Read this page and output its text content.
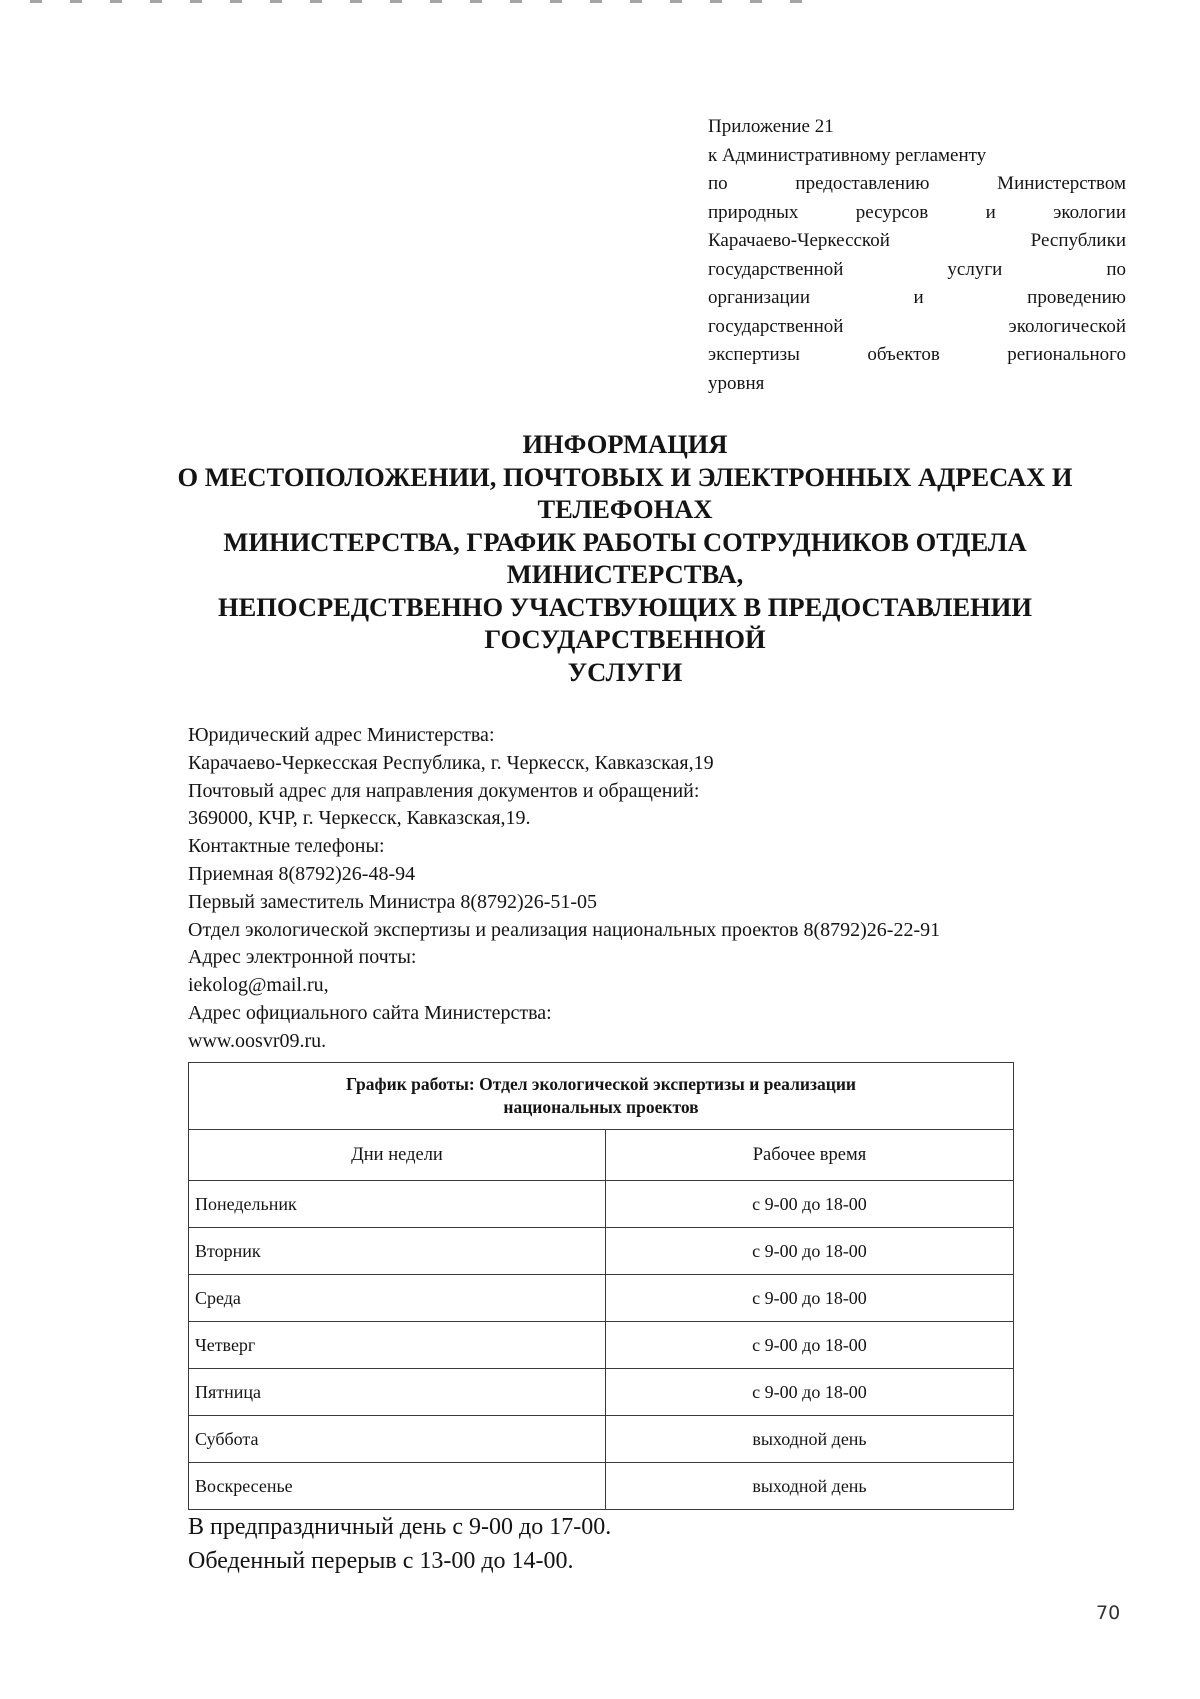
Приложение 21
к Административному регламенту
по предоставлению Министерством
природных ресурсов и экологии
Карачаево-Черкесской Республики
государственной услуги по
организации и проведению
государственной экологической
экспертизы объектов регионального
уровня
ИНФОРМАЦИЯ
О МЕСТОПОЛОЖЕНИИ, ПОЧТОВЫХ И ЭЛЕКТРОННЫХ АДРЕСАХ И
ТЕЛЕФОНАХ
МИНИСТЕРСТВА, ГРАФИК РАБОТЫ СОТРУДНИКОВ ОТДЕЛА
МИНИСТЕРСТВА,
НЕПОСРЕДСТВЕННО УЧАСТВУЮЩИХ В ПРЕДОСТАВЛЕНИИ
ГОСУДАРСТВЕННОЙ
УСЛУГИ
Юридический адрес Министерства:
Карачаево-Черкесская Республика, г. Черкесск, Кавказская,19
Почтовый адрес для направления документов и обращений:
369000, КЧР, г. Черкесск, Кавказская,19.
Контактные телефоны:
Приемная 8(8792)26-48-94
Первый заместитель Министра 8(8792)26-51-05
Отдел экологической экспертизы и реализация национальных проектов 8(8792)26-22-91
Адрес электронной почты:
iekolog@mail.ru,
Адрес официального сайта Министерства:
www.oosvr09.ru.
График работы: Отдел экологической экспертизы и реализации
национальных проектов	

Дни недели	Рабочее время
Понедельник	с 9-00 до 18-00
Вторник	с 9-00 до 18-00
Среда	с 9-00 до 18-00
Четверг	с 9-00 до 18-00
Пятница	с 9-00 до 18-00
Суббота	выходной день
Воскресенье	выходной день
В предпраздничный день с 9-00 до 17-00.
Обеденный перерыв с 13-00 до 14-00.
70
